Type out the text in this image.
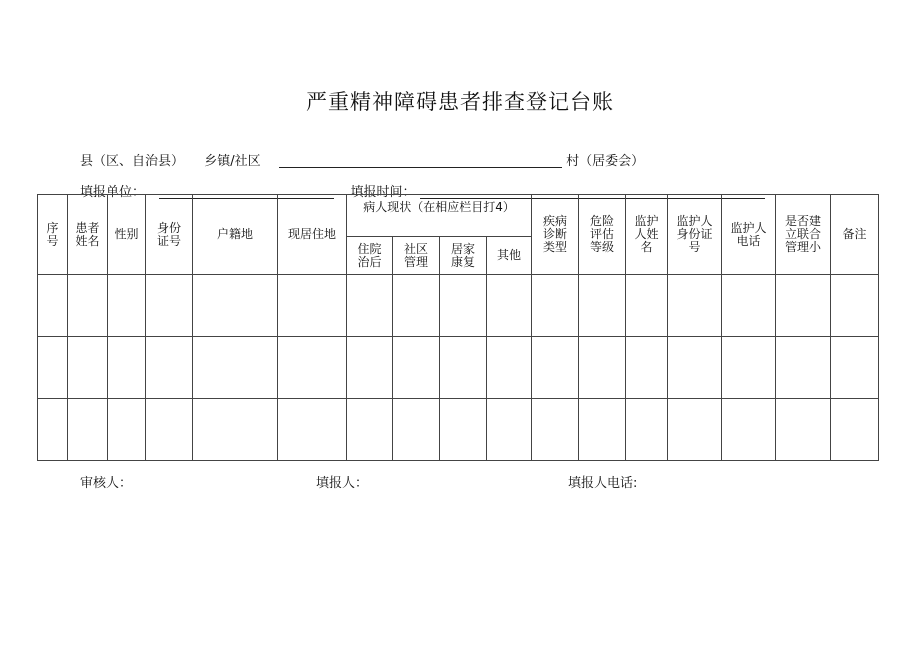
严重精神障碍患者排查登记台账
县（区、自治县） 乡镇/社区	村（居委会）
填报单位：	填报时间：
序号	患者姓名	性别	身份证号	户籍地	现居住地	病人现状（在相应栏目打4）				疾病诊断类型	危险评估等级	监护人姓名	监护人身份证号	监护人电话	是否建立联合管理小	备注
						住院治后	社区管理	居家康复	其他							

审核人：	填报人：	填报人电话:
